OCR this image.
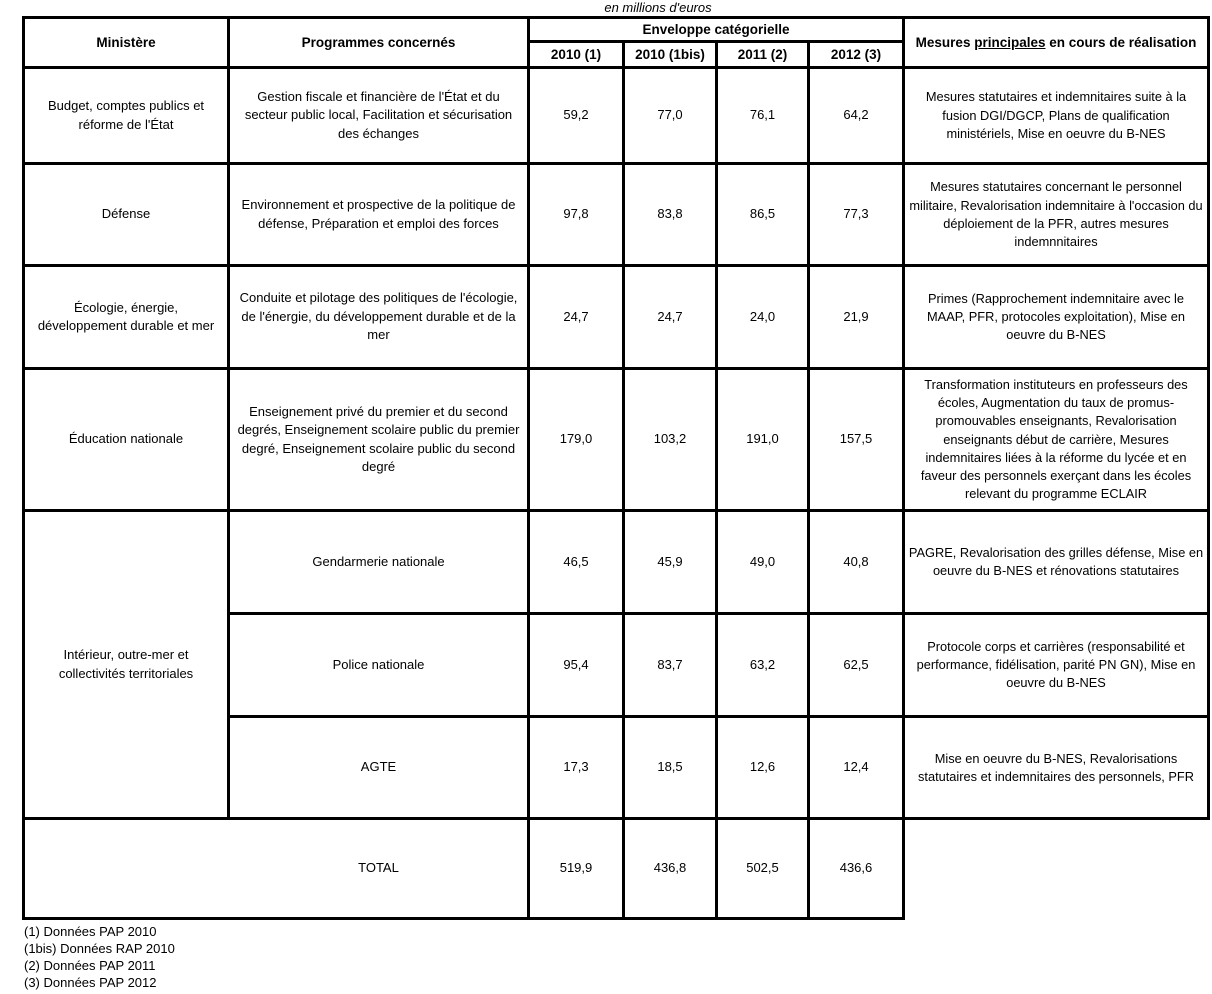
en millions d'euros
Ministère	Programmes concernés	Enveloppe catégorielle				Mesures principales en cours de réalisation
		2010 (1)	2010 (1bis)	2011 (2)	2012 (3)	
Budget, comptes publics et réforme de l'État	Gestion fiscale et financière de l'État et du secteur public local, Facilitation et sécurisation des échanges	59,2	77,0	76,1	64,2	Mesures statutaires et indemnitaires suite à la fusion DGI/DGCP, Plans de qualification ministériels, Mise en oeuvre du B-NES
Défense	Environnement et prospective de la politique de défense, Préparation et emploi des forces	97,8	83,8	86,5	77,3	Mesures statutaires concernant le personnel militaire, Revalorisation indemnitaire à l'occasion du déploiement de la PFR, autres mesures indemnnitaires
Écologie, énergie, développement durable et mer	Conduite et pilotage des politiques de l'écologie, de l'énergie, du développement durable et de la mer	24,7	24,7	24,0	21,9	Primes (Rapprochement indemnitaire avec le MAAP, PFR, protocoles exploitation), Mise en oeuvre du B-NES
Éducation nationale	Enseignement privé du premier et du second degrés, Enseignement scolaire public du premier degré, Enseignement scolaire public du second degré	179,0	103,2	191,0	157,5	Transformation instituteurs en professeurs des écoles, Augmentation du taux de promus-promouvables enseignants, Revalorisation enseignants début de carrière, Mesures indemnitaires liées à la réforme du lycée et en faveur des personnels exerçant dans les écoles relevant du programme ECLAIR
Intérieur, outre-mer et collectivités territoriales	Gendarmerie nationale	46,5	45,9	49,0	40,8	PAGRE, Revalorisation des grilles défense, Mise en oeuvre du B-NES et rénovations statutaires
	Police nationale	95,4	83,7	63,2	62,5	Protocole corps et carrières (responsabilité et performance, fidélisation, parité PN GN), Mise en oeuvre du B-NES
	AGTE	17,3	18,5	12,6	12,4	Mise en oeuvre du B-NES, Revalorisations statutaires et indemnitaires des personnels, PFR
	TOTAL	519,9	436,8	502,5	436,6	
(1) Données PAP 2010
(1bis) Données RAP 2010
(2) Données PAP 2011
(3) Données PAP 2012
